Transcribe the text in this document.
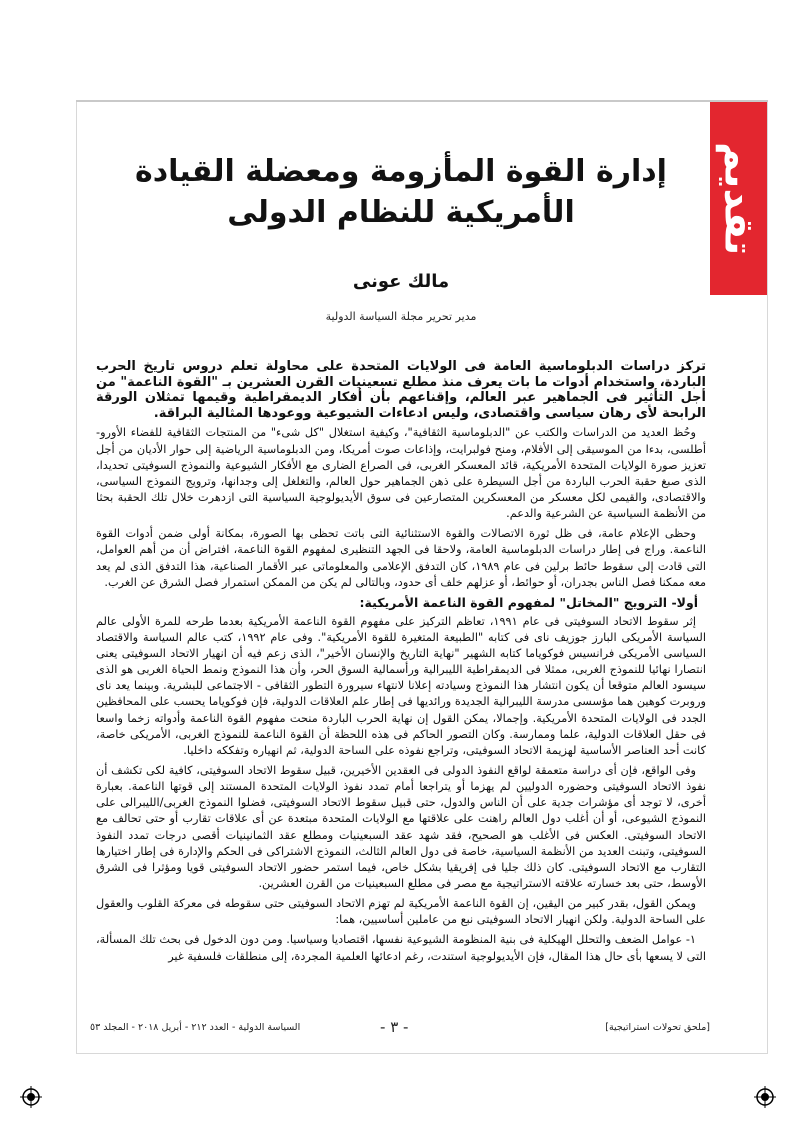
تقديم
إدارة القوة المأزومة ومعضلة القيادة الأمريكية للنظام الدولى
مالك عونى
مدير تحرير مجلة السياسة الدولية
تركز دراسات الدبلوماسية العامة فى الولايات المتحدة على محاولة تعلم دروس تاريخ الحرب الباردة، واستخدام أدوات ما بات يعرف منذ مطلع تسعينيات القرن العشرين بـ "القوة الناعمة" من أجل التأثير فى الجماهير عبر العالم، وإقناعهم بأن أفكار الديمقراطية وقيمها تمثلان الورقة الرابحة لأى رهان سياسى واقتصادى، وليس ادعاءات الشيوعية ووعودها المثالية البراقة.
وحُظ العديد من الدراسات والكتب عن "الدبلوماسية الثقافية"، وكيفية استغلال "كل شىء" من المنتجات الثقافية للفضاء الأورو-أطلسى، بدءا من الموسيقى إلى الأفلام، ومنح فولبرايت، وإذاعات صوت أمريكا، ومن الدبلوماسية الرياضية إلى حوار الأديان من أجل تعزيز صورة الولايات المتحدة الأمريكية، قائد المعسكر الغربى، فى الصراع الضارى مع الأفكار الشيوعية والنموذج السوفيتى تحديدا، الذى صبغ حقبة الحرب الباردة من أجل السيطرة على ذهن الجماهير حول العالم، والتغلغل إلى وجدانها، وترويج النموذج السياسى، والاقتصادى، والقيمى لكل معسكر من المعسكرين المتصارعين فى سوق الأيديولوجية السياسية التى ازدهرت خلال تلك الحقبة بحثا من الأنظمة السياسية عن الشرعية والدعم.
وحظى الإعلام عامة، فى ظل ثورة الاتصالات والقوة الاستثنائية التى باتت تحظى بها الصورة، بمكانة أولى ضمن أدوات القوة الناعمة. وراج فى إطار دراسات الدبلوماسية العامة، ولاحقا فى الجهد التنظيرى لمفهوم القوة الناعمة، افتراض أن من أهم العوامل، التى قادت إلى سقوط حائط برلين فى عام ١٩٨٩، كان التدفق الإعلامى والمعلوماتى عبر الأقمار الصناعية، هذا التدفق الذى لم يعد معه ممكنا فصل الناس بجدران، أو حوائط، أو عزلهم خلف أى حدود، وبالتالى لم يكن من الممكن استمرار فصل الشرق عن الغرب.
أولا- الترويج "المخاتل" لمفهوم القوة الناعمة الأمريكية:
إثر سقوط الاتحاد السوفيتى فى عام ١٩٩١، تعاظم التركيز على مفهوم القوة الناعمة الأمريكية بعدما طرحه للمرة الأولى عالم السياسة الأمريكى البارز جوزيف ناى فى كتابه "الطبيعة المتغيرة للقوة الأمريكية". وفى عام ١٩٩٢، كتب عالم السياسة والاقتصاد السياسى الأمريكى فرانسيس فوكوياما كتابه الشهير "نهاية التاريخ والإنسان الأخير"، الذى زعم فيه أن انهيار الاتحاد السوفيتى يعنى انتصارا نهائيا للنموذج الغربى، ممثلا فى الديمقراطية الليبرالية ورأسمالية السوق الحر، وأن هذا النموذج ونمط الحياة الغربى هو الذى سيسود العالم متوقعا أن يكون انتشار هذا النموذج وسيادته إعلانا لانتهاء سيرورة التطور الثقافى - الاجتماعى للبشرية. وبينما يعد ناى وروبرت كوهين هما مؤسسى مدرسة الليبرالية الجديدة ورائديها فى إطار علم العلاقات الدولية، فإن فوكوياما يحسب على المحافظين الجدد فى الولايات المتحدة الأمريكية. وإجمالا، يمكن القول إن نهاية الحرب الباردة منحت مفهوم القوة الناعمة وأدواته زخما واسعا فى حقل العلاقات الدولية، علما وممارسة. وكان التصور الحاكم فى هذه اللحظة أن القوة الناعمة للنموذج الغربى، الأمريكى خاصة، كانت أحد العناصر الأساسية لهزيمة الاتحاد السوفيتى، وتراجع نفوذه على الساحة الدولية، ثم انهياره وتفككه داخليا.
وفى الواقع، فإن أى دراسة متعمقة لواقع النفوذ الدولى فى العقدين الأخيرين، قبيل سقوط الاتحاد السوفيتى، كافية لكى تكشف أن نفوذ الاتحاد السوفيتى وحضوره الدوليين لم يهزما أو يتراجعا أمام تمدد نفوذ الولايات المتحدة المستند إلى قوتها الناعمة. بعبارة أخرى، لا توجد أى مؤشرات جدية على أن الناس والدول، حتى قبيل سقوط الاتحاد السوفيتى، فضلوا النموذج الغربى/الليبرالى على النموذج الشيوعى، أو أن أغلب دول العالم راهنت على علاقتها مع الولايات المتحدة مبتعدة عن أى علاقات تقارب أو حتى تحالف مع الاتحاد السوفيتى. العكس فى الأغلب هو الصحيح، فقد شهد عقد السبعينيات ومطلع عقد الثمانينيات أقصى درجات تمدد النفوذ السوفيتى، وتبنت العديد من الأنظمة السياسية، خاصة فى دول العالم الثالث، النموذج الاشتراكى فى الحكم والإدارة فى إطار اختيارها التقارب مع الاتحاد السوفيتى. كان ذلك جليا فى إفريقيا بشكل خاص، فيما استمر حضور الاتحاد السوفيتى قويا ومؤثرا فى الشرق الأوسط، حتى بعد خسارته علاقته الاستراتيجية مع مصر فى مطلع السبعينيات من القرن العشرين.
ويمكن القول، بقدر كبير من اليقين، إن القوة الناعمة الأمريكية لم تهزم الاتحاد السوفيتى حتى سقوطه فى معركة القلوب والعقول على الساحة الدولية. ولكن انهيار الاتحاد السوفيتى نبع من عاملين أساسيين، هما:
١- عوامل الضعف والتحلل الهيكلية فى بنية المنظومة الشيوعية نفسها، اقتصاديا وسياسيا. ومن دون الدخول فى بحث تلك المسألة، التى لا يسعها بأى حال هذا المقال، فإن الأيديولوجية استندت، رغم ادعائها العلمية المجردة، إلى منطلقات فلسفية غير
[ملحق تحولات استراتيجية]
- ٣ -
السياسة الدولية - العدد ٢١٢ - أبريل ٢٠١٨ - المجلد ٥٣
